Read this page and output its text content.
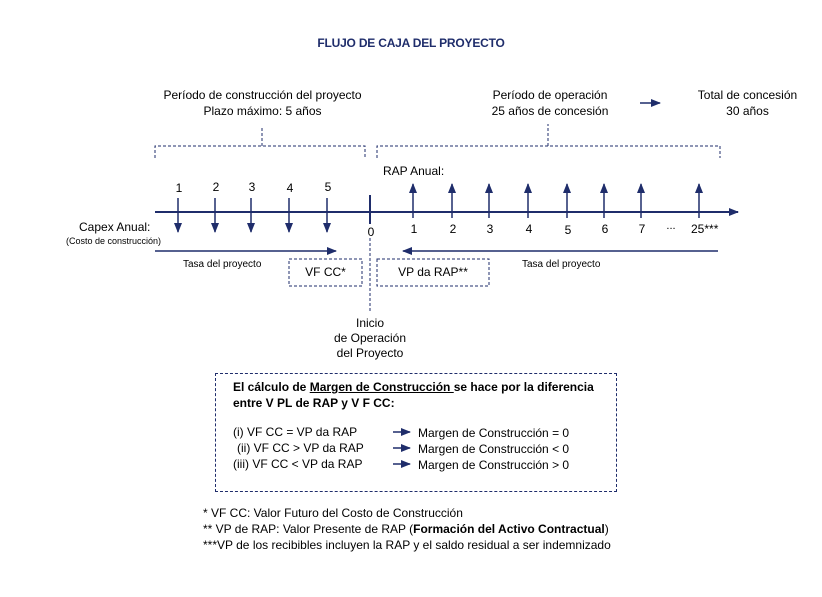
FLUJO DE CAJA DEL PROYECTO
Período de construcción del proyecto
Plazo máximo: 5 años
Período de operación
25 años de concesión
Total de concesión
30 años
1	2	3	4	5
0	1	2	3	4	5	6	7	...	25***
Capex Anual:
(Costo de construcción)
RAP Anual:
Tasa del proyecto	Tasa del proyecto
VF CC*	VP da RAP**
Inicio
de Operación
del Proyecto
El cálculo de Margen de Construcción se hace por la diferencia entre V PL de RAP y V F CC:
(i) VF CC = VP da RAP	Margen de Construcción = 0
(ii) VF CC > VP da RAP	Margen de Construcción < 0
(iii) VF CC < VP da RAP	Margen de Construcción > 0
* VF CC: Valor Futuro del Costo de Construcción
** VP de RAP: Valor Presente de RAP (Formación del Activo Contractual)
***VP de los recibibles incluyen la RAP y el saldo residual a ser indemnizado
